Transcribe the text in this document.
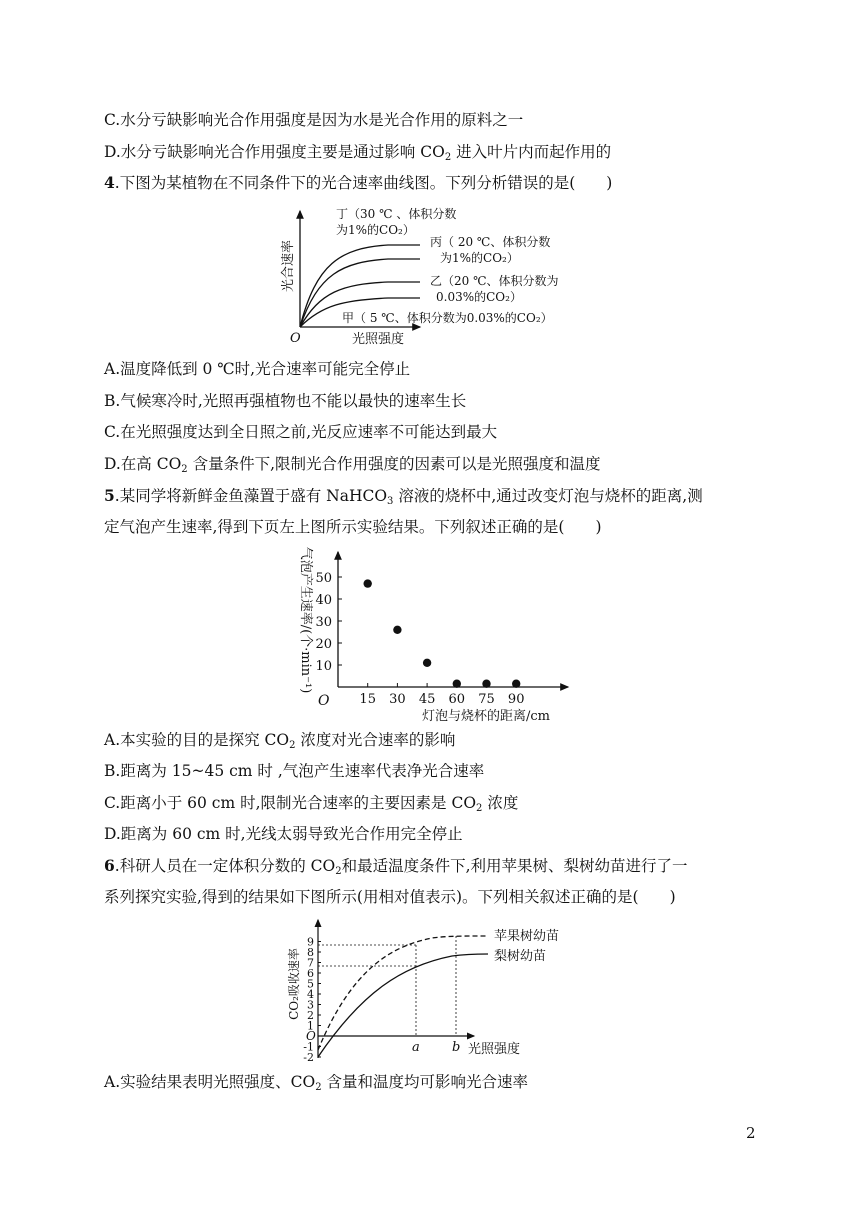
C.水分亏缺影响光合作用强度是因为水是光合作用的原料之一
D.水分亏缺影响光合作用强度主要是通过影响 $CO_2$ 进入叶片内而起作用的
4.下图为某植物在不同条件下的光合速率曲线图。下列分析错误的是(　　)
光合速率
光照强度
O
丁（30 ℃ 、体积分数
为1%的CO₂）
丙（ 20 ℃、体积分数
为1%的CO₂）
乙（20 ℃、体积分数为
0.03%的CO₂）
甲（ 5 ℃、体积分数为0.03%的CO₂）
A.温度降低到 0 ℃时,光合速率可能完全停止
B.气候寒冷时,光照再强植物也不能以最快的速率生长
C.在光照强度达到全日照之前,光反应速率不可能达到最大
D.在高 $CO_2$ 含量条件下,限制光合作用强度的因素可以是光照强度和温度
5.某同学将新鲜金鱼藻置于盛有 NaHCO$_3$ 溶液的烧杯中,通过改变灯泡与烧杯的距离,测
定气泡产生速率,得到下页左上图所示实验结果。下列叙述正确的是(　　)
气泡产生速率/(个·min⁻¹)
灯泡与烧杯的距离/cm
O 15 30 45 60 75 90
10
20
30
40
50
A.本实验的目的是探究 $CO_2$ 浓度对光合速率的影响
B.距离为 15~45 cm 时 ,气泡产生速率代表净光合速率
C.距离小于 60 cm 时,限制光合速率的主要因素是 $CO_2$ 浓度
D.距离为 60 cm 时,光线太弱导致光合作用完全停止
6.科研人员在一定体积分数的 $CO_2$和最适温度条件下,利用苹果树、梨树幼苗进行了一
系列探究实验,得到的结果如下图所示(用相对值表示)。下列相关叙述正确的是(　　)
CO₂吸收速率
光照强度
O
-2
-1
1
2
3
4
5
6
7
8
9
a b
苹果树幼苗
梨树幼苗
A.实验结果表明光照强度、$CO_2$ 含量和温度均可影响光合速率
2
